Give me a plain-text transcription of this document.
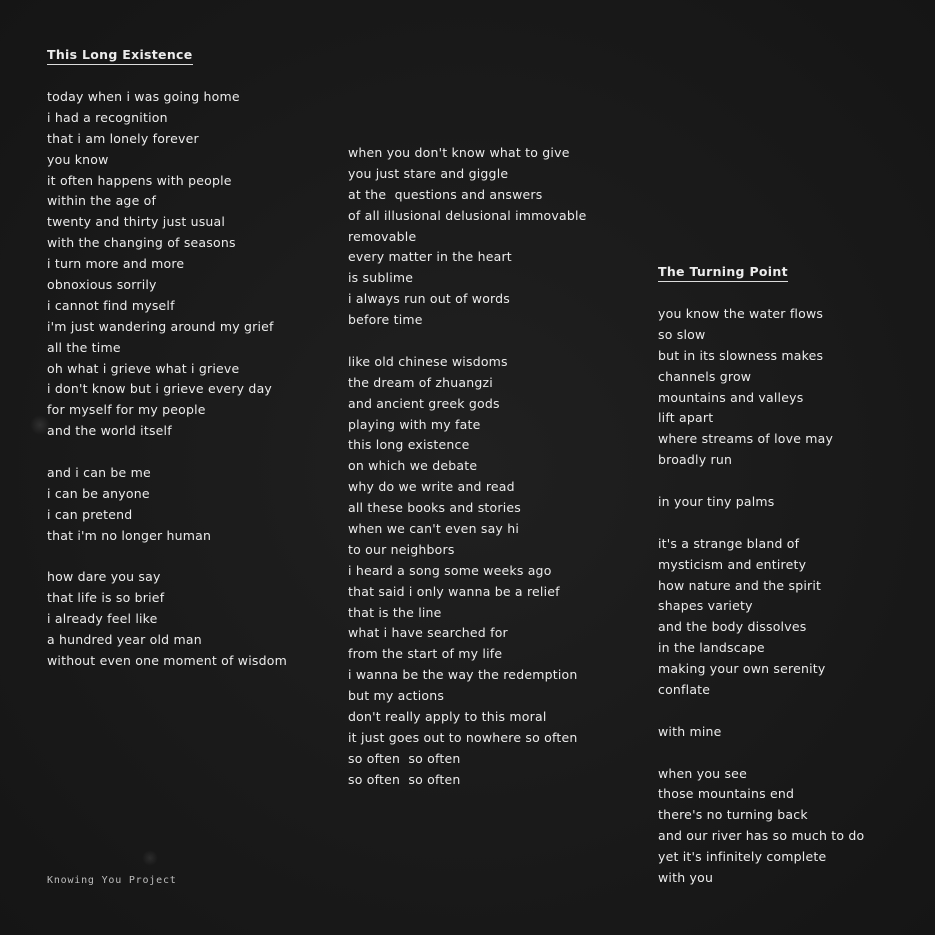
This Long Existence
today when i was going home
i had a recognition
that i am lonely forever
you know
it often happens with people
within the age of
twenty and thirty just usual
with the changing of seasons
i turn more and more
obnoxious sorrily
i cannot find myself
i'm just wandering around my grief
all the time
oh what i grieve what i grieve
i don't know but i grieve every day
for myself for my people
and the world itself
and i can be me
i can be anyone
i can pretend
that i'm no longer human
how dare you say
that life is so brief
i already feel like
a hundred year old man
without even one moment of wisdom
when you don't know what to give
you just stare and giggle
at the  questions and answers
of all illusional delusional immovable
removable
every matter in the heart
is sublime
i always run out of words
before time
like old chinese wisdoms
the dream of zhuangzi
and ancient greek gods
playing with my fate
this long existence
on which we debate
why do we write and read
all these books and stories
when we can't even say hi
to our neighbors
i heard a song some weeks ago
that said i only wanna be a relief
that is the line
what i have searched for
from the start of my life
i wanna be the way the redemption
but my actions
don't really apply to this moral
it just goes out to nowhere so often
so often  so often
so often  so often
The Turning Point
you know the water flows
so slow
but in its slowness makes
channels grow
mountains and valleys
lift apart
where streams of love may
broadly run
in your tiny palms
it's a strange bland of
mysticism and entirety
how nature and the spirit
shapes variety
and the body dissolves
in the landscape
making your own serenity
conflate
with mine
when you see
those mountains end
there's no turning back
and our river has so much to do
yet it's infinitely complete
with you
Knowing You Project
